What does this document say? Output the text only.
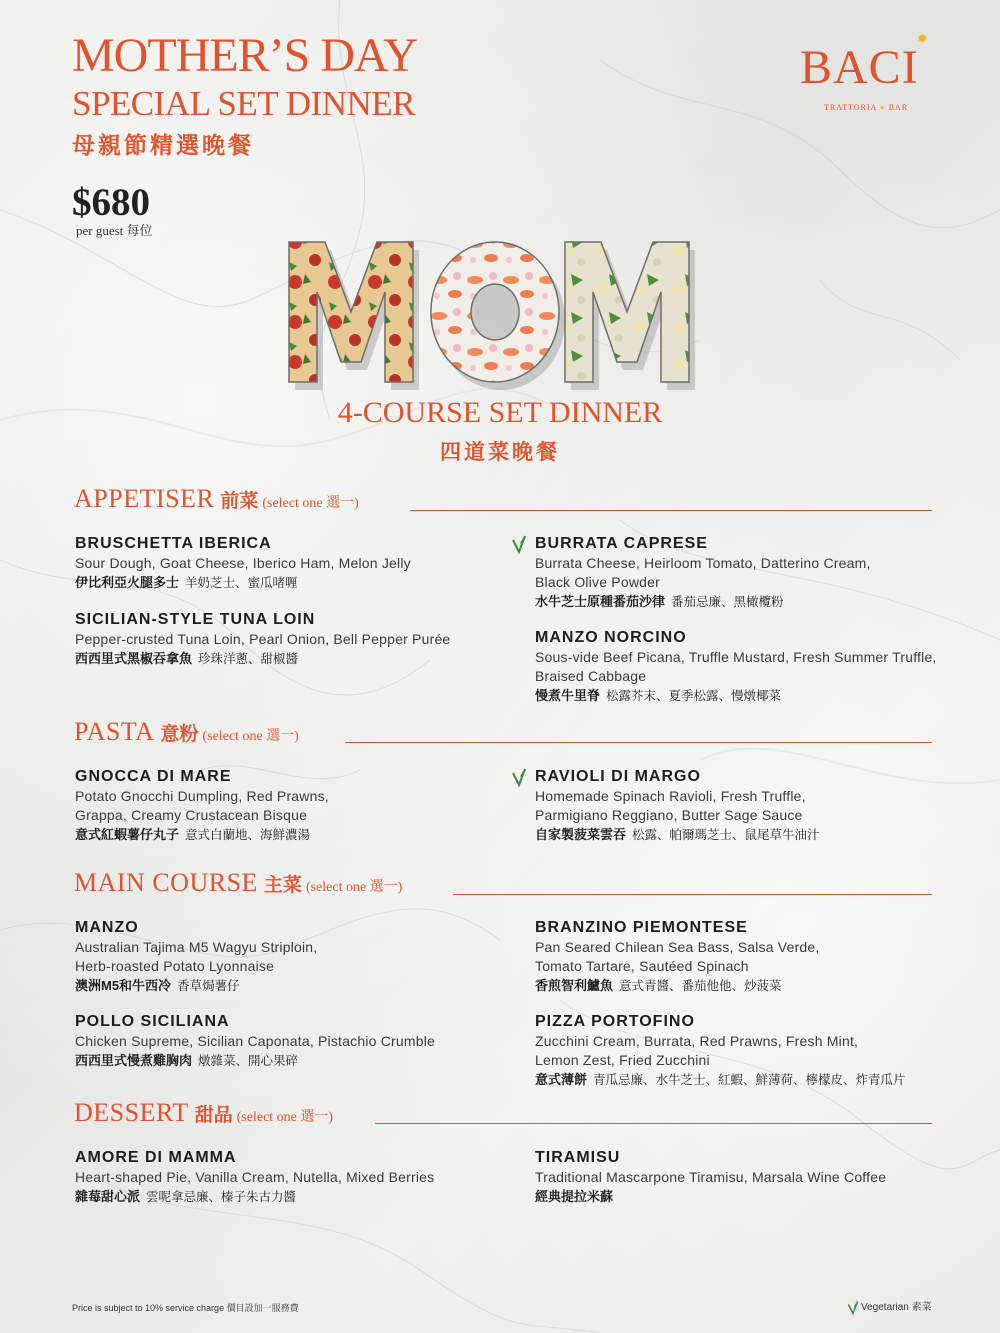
MOTHER’S DAY
SPECIAL SET DINNER
母親節精選晚餐
$680
per guest 每位
BACI
✹
TRATTORIA ● BAR
4-COURSE SET DINNER
四道菜晚餐
APPETISER 前菜 (select one 選一)
BRUSCHETTA IBERICA
Sour Dough, Goat Cheese, Iberico Ham, Melon Jelly
伊比利亞火腿多士 羊奶芝士、蜜瓜啫喱
SICILIAN-STYLE TUNA LOIN
Pepper-crusted Tuna Loin, Pearl Onion, Bell Pepper Purée
西西里式黑椒吞拿魚 珍珠洋蔥、甜椒醬
BURRATA CAPRESE
Burrata Cheese, Heirloom Tomato, Datterino Cream,
Black Olive Powder
水牛芝士原種番茄沙律 番茄忌廉、黑橄欖粉
MANZO NORCINO
Sous-vide Beef Picana, Truffle Mustard, Fresh Summer Truffle,
Braised Cabbage
慢煮牛里脊 松露芥末、夏季松露、慢燉椰菜
PASTA 意粉 (select one 選一)
GNOCCA DI MARE
Potato Gnocchi Dumpling, Red Prawns,
Grappa, Creamy Crustacean Bisque
意式紅蝦薯仔丸子 意式白蘭地、海鮮濃湯
RAVIOLI DI MARGO
Homemade Spinach Ravioli, Fresh Truffle,
Parmigiano Reggiano, Butter Sage Sauce
自家製菠菜雲吞 松露、帕爾瑪芝士、鼠尾草牛油汁
MAIN COURSE 主菜 (select one 選一)
MANZO
Australian Tajima M5 Wagyu Striploin,
Herb-roasted Potato Lyonnaise
澳洲M5和牛西冷 香草焗薯仔
POLLO SICILIANA
Chicken Supreme, Sicilian Caponata, Pistachio Crumble
西西里式慢煮雞胸肉 燉雜菜、開心果碎
BRANZINO PIEMONTESE
Pan Seared Chilean Sea Bass, Salsa Verde,
Tomato Tartare, Sautéed Spinach
香煎智利鱸魚 意式青醬、番茄他他、炒菠菜
PIZZA PORTOFINO
Zucchini Cream, Burrata, Red Prawns, Fresh Mint,
Lemon Zest, Fried Zucchini
意式薄餅 青瓜忌廉、水牛芝士、紅蝦、鮮薄荷、檸檬皮、炸青瓜片
DESSERT 甜品 (select one 選一)
AMORE DI MAMMA
Heart-shaped Pie, Vanilla Cream, Nutella, Mixed Berries
雜莓甜心派 雲呢拿忌廉、榛子朱古力醬
TIRAMISU
Traditional Mascarpone Tiramisu, Marsala Wine Coffee
經典提拉米蘇
Price is subject to 10% service charge 價目設加一服務費	Vegetarian 素菜
